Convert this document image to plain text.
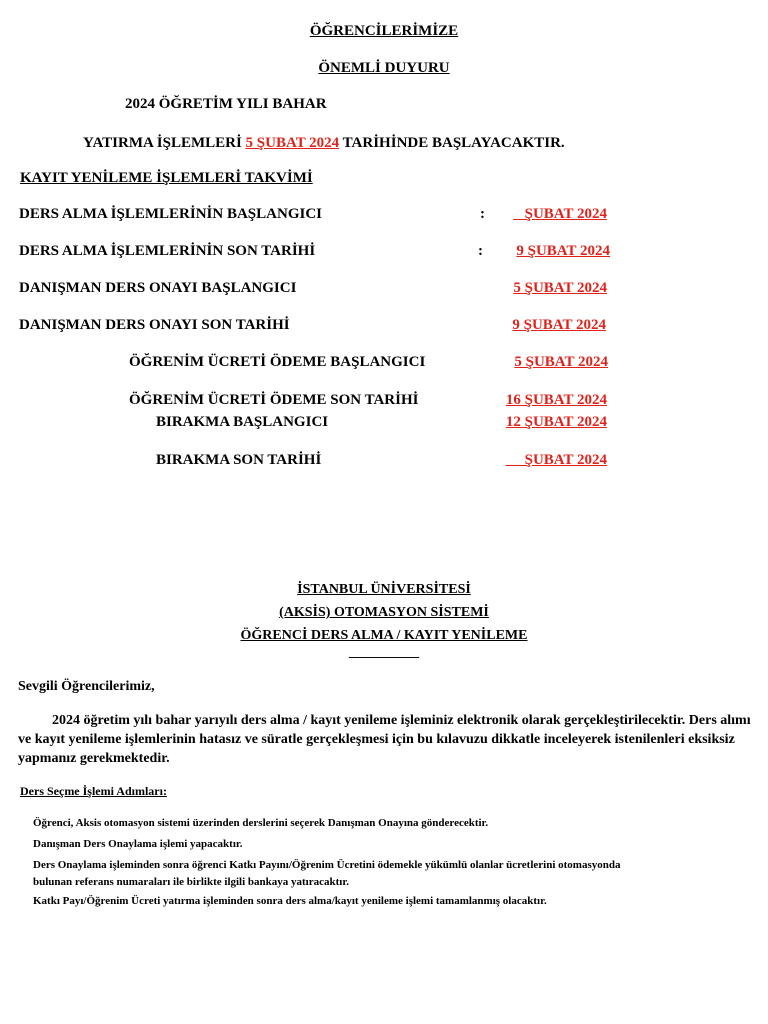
ÖĞRENCİLERİMİZE
ÖNEMLİ DUYURU
2024 ÖĞRETİM YILI BAHAR
YATIRMA İŞLEMLERİ 5 ŞUBAT 2024 TARİHİNDE BAŞLAYACAKTIR.
KAYIT YENİLEME İŞLEMLERİ TAKVİMİ
DERS ALMA İŞLEMLERİNİN BAŞLANGICI	: _ ŞUBAT 2024
DERS ALMA İŞLEMLERİNİN SON TARİHİ	: 9 ŞUBAT 2024
DANIŞMAN DERS ONAYI BAŞLANGICI	5 ŞUBAT 2024
DANIŞMAN DERS ONAYI SON TARİHİ	9 ŞUBAT 2024
ÖĞRENİM ÜCRETİ ÖDEME BAŞLANGICI	5 ŞUBAT 2024
ÖĞRENİM ÜCRETİ ÖDEME SON TARİHİ	16 ŞUBAT 2024
BIRAKMA BAŞLANGICI	12 ŞUBAT 2024
BIRAKMA SON TARİHİ	__ ŞUBAT 2024
İSTANBUL ÜNİVERSİTESİ
(AKSİS) OTOMASYON SİSTEMİ
ÖĞRENCİ DERS ALMA / KAYIT YENİLEME
__________
Sevgili Öğrencilerimiz,
2024 öğretim yılı bahar yarıyılı ders alma / kayıt yenileme işleminiz elektronik olarak gerçekleştirilecektir. Ders alımı ve kayıt yenileme işlemlerinin hatasız ve süratle gerçekleşmesi için bu kılavuzu dikkatle inceleyerek istenilenleri eksiksiz yapmanız gerekmektedir.
Ders Seçme İşlemi Adımları:
Öğrenci, Aksis otomasyon sistemi üzerinden derslerini seçerek Danışman Onayına gönderecektir.
Danışman Ders Onaylama işlemi yapacaktır.
Ders Onaylama işleminden sonra öğrenci Katkı Payını/Öğrenim Ücretini ödemekle yükümlü olanlar ücretlerini otomasyonda
bulunan referans numaraları ile birlikte ilgili bankaya yatıracaktır.
Katkı Payı/Öğrenim Ücreti yatırma işleminden sonra ders alma/kayıt yenileme işlemi tamamlanmış olacaktır.
